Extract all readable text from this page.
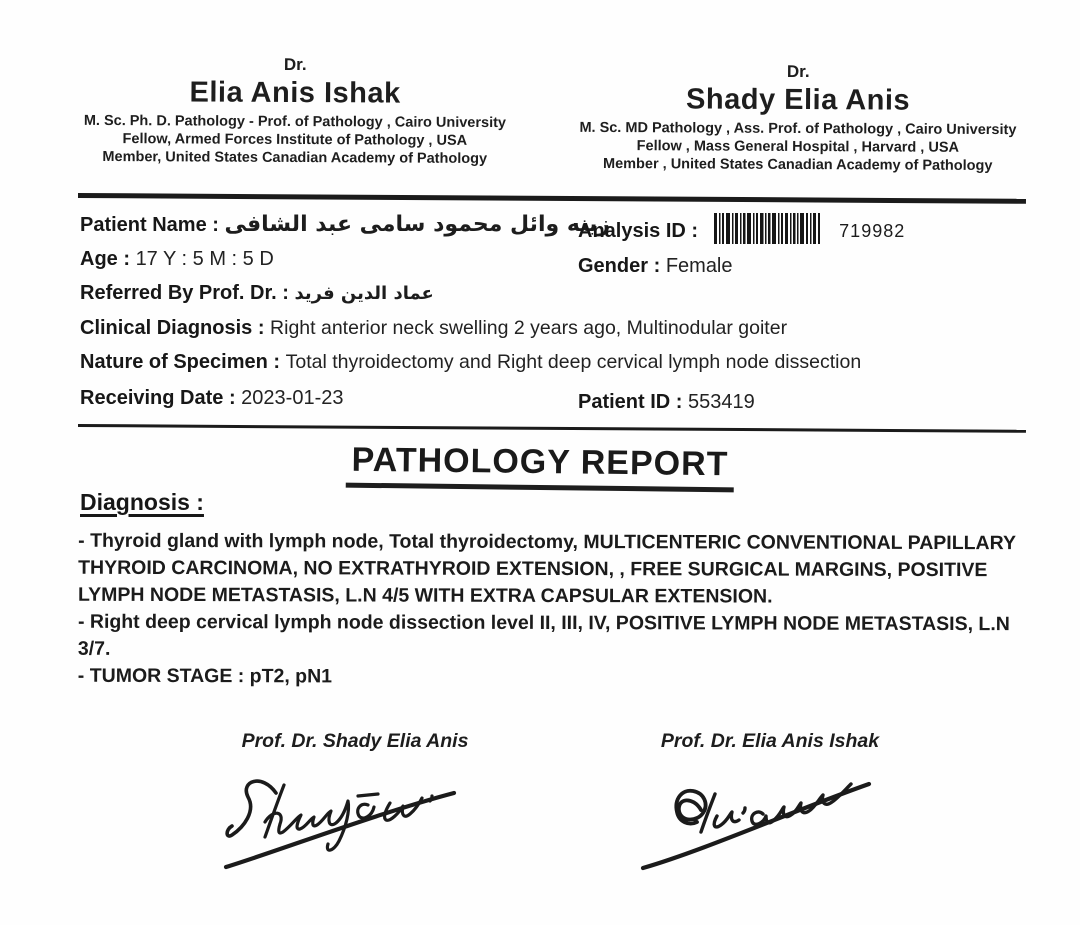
Dr.
Elia Anis Ishak
M. Sc. Ph. D. Pathology - Prof. of Pathology , Cairo University
Fellow, Armed Forces Institute of Pathology , USA
Member, United States Canadian Academy of Pathology
Dr.
Shady Elia Anis
M. Sc. MD Pathology , Ass. Prof. of Pathology , Cairo University
Fellow , Mass General Hospital , Harvard , USA
Member , United States Canadian Academy of Pathology
Patient Name : زينه وائل محمود سامى عبد الشافى
Analysis ID :	719982
Age : 17 Y : 5 M : 5 D	Gender : Female
Referred By Prof. Dr. : عماد الدين فريد
Clinical Diagnosis : Right anterior neck swelling 2 years ago, Multinodular goiter
Nature of Specimen : Total thyroidectomy and Right deep cervical lymph node dissection
Receiving Date : 2023-01-23	Patient ID : 553419
PATHOLOGY REPORT
Diagnosis :
- Thyroid gland with lymph node, Total thyroidectomy, MULTICENTERIC CONVENTIONAL PAPILLARY THYROID CARCINOMA, NO EXTRATHYROID EXTENSION, , FREE SURGICAL MARGINS, POSITIVE LYMPH NODE METASTASIS, L.N 4/5 WITH EXTRA CAPSULAR EXTENSION.
- Right deep cervical lymph node dissection level II, III, IV, POSITIVE LYMPH NODE METASTASIS, L.N 3/7.
- TUMOR STAGE : pT2, pN1
Prof. Dr. Shady Elia Anis	Prof. Dr. Elia Anis Ishak
